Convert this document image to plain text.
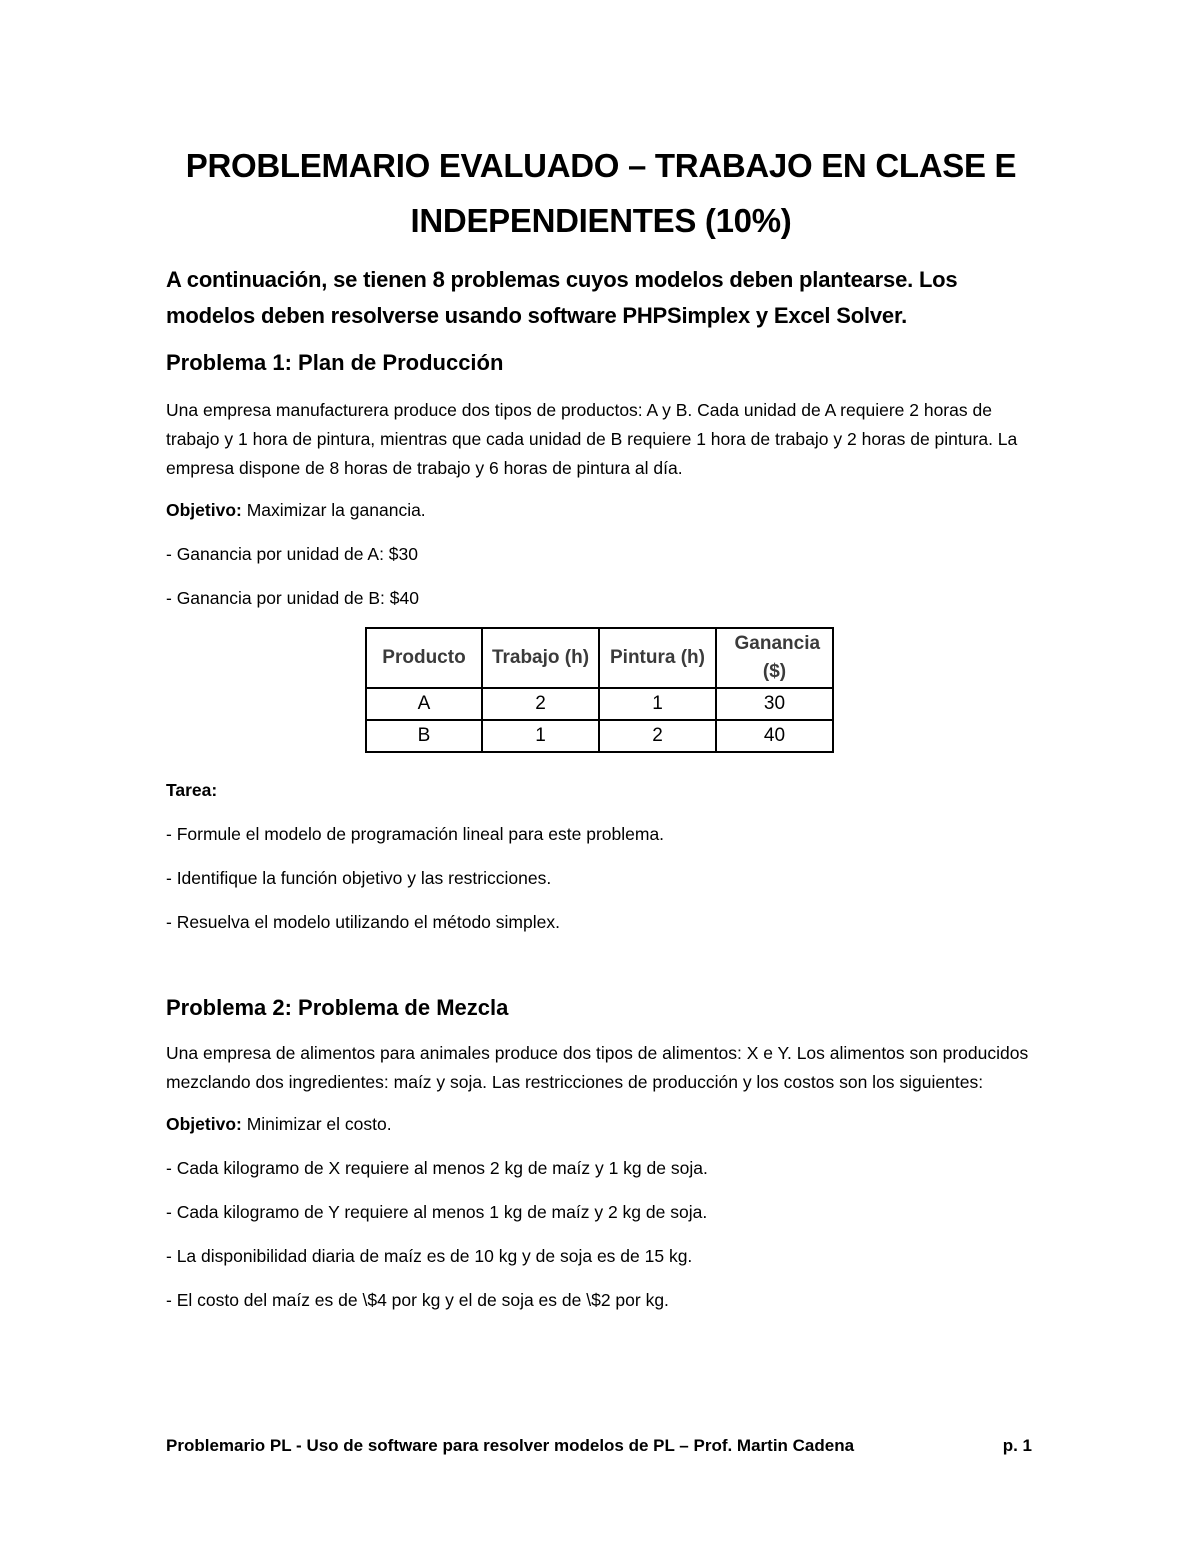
PROBLEMARIO EVALUADO – TRABAJO EN CLASE E
INDEPENDIENTES (10%)

A continuación, se tienen 8 problemas cuyos modelos deben plantearse. Los modelos deben resolverse usando software PHPSimplex y Excel Solver.

Problema 1: Plan de Producción

Una empresa manufacturera produce dos tipos de productos: A y B. Cada unidad de A requiere 2 horas de trabajo y 1 hora de pintura, mientras que cada unidad de B requiere 1 hora de trabajo y 2 horas de pintura. La empresa dispone de 8 horas de trabajo y 6 horas de pintura al día.

Objetivo: Maximizar la ganancia.

- Ganancia por unidad de A: $30

- Ganancia por unidad de B: $40

Producto	Trabajo (h)	Pintura (h)	Ganancia ($)
A	2	1	30
B	1	2	40

Tarea:

- Formule el modelo de programación lineal para este problema.

- Identifique la función objetivo y las restricciones.

- Resuelva el modelo utilizando el método simplex.

Problema 2: Problema de Mezcla

Una empresa de alimentos para animales produce dos tipos de alimentos: X e Y. Los alimentos son producidos mezclando dos ingredientes: maíz y soja. Las restricciones de producción y los costos son los siguientes:

Objetivo: Minimizar el costo.

- Cada kilogramo de X requiere al menos 2 kg de maíz y 1 kg de soja.

- Cada kilogramo de Y requiere al menos 1 kg de maíz y 2 kg de soja.

- La disponibilidad diaria de maíz es de 10 kg y de soja es de 15 kg.

- El costo del maíz es de \$4 por kg y el de soja es de \$2 por kg.

Problemario PL - Uso de software para resolver modelos de PL – Prof. Martin Cadena	p. 1
